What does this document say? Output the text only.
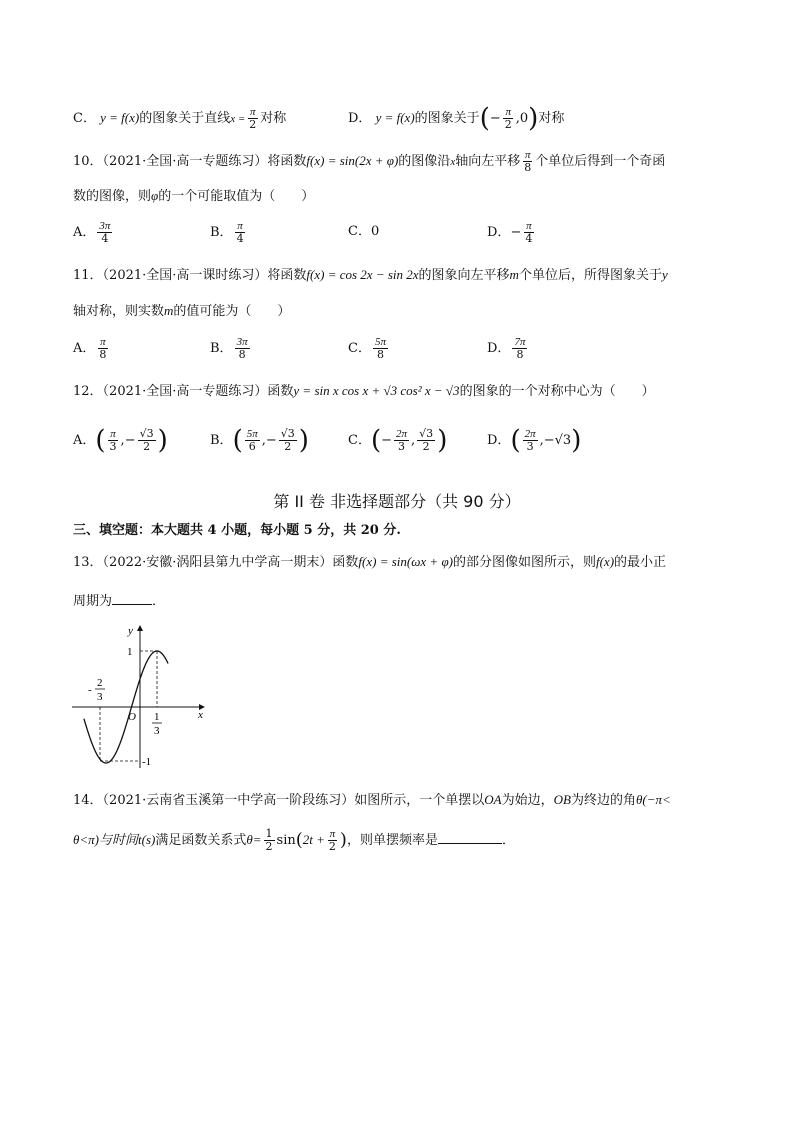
C． y = f(x)的图象关于直线$x = \frac{\pi}{2}$ 对称	D． y = f(x)的图象关于(− $\frac{\pi}{2} ,0$)对称
10．（2021·全国·高一专题练习）将函数f(x) = sin(2x + φ)的图像沿x轴向左平移 $\frac{\pi}{8}$ 个单位后得到一个奇函
数的图像，则φ的一个可能取值为（　　）
A． $\frac{3\pi}{4}$	B． $\frac{\pi}{4}$	C．0	D．− $\frac{\pi}{4}$
11．（2021·全国·高一课时练习）将函数f(x) = cos 2x − sin 2x的图象向左平移m个单位后，所得图象关于y
轴对称，则实数m的值可能为（　　）
A． $\frac{\pi}{8}$	B． $\frac{3\pi}{8}$	C． $\frac{5\pi}{8}$	D． $\frac{7\pi}{8}$
12．（2021·全国·高一专题练习）函数y = sin x cos x + √3 cos² x − √3的图象的一个对称中心为（　　）
A．( $\frac{\pi}{3}$ ,− $\frac{√3}{2}$ )	B．( $\frac{5\pi}{6}$ ,− $\frac{√3}{2}$ )	C．(− $\frac{2\pi}{3}$ , $\frac{√3}{2}$ )	D．( $\frac{2\pi}{3} ,-√3$)
第 II 卷 非选择题部分（共 90 分）
三、填空题：本大题共 4 小题，每小题 5 分，共 20 分.
13．（2022·安徽·涡阳县第九中学高一期末）函数f(x) = sin(ωx + φ)的部分图像如图所示，则f(x)的最小正
周期为	．
y
x
O
1
-1
-
2
3
1
3
14．（2021·云南省玉溪第一中学高一阶段练习）如图所示，一个单摆以OA为始边，OB为终边的角θ(−π<
θ<π)与时间t(s)满足函数关系式$\theta= \frac{1}{2} \sin(2t + \frac{\pi}{2}$ )，则单摆频率是	．
